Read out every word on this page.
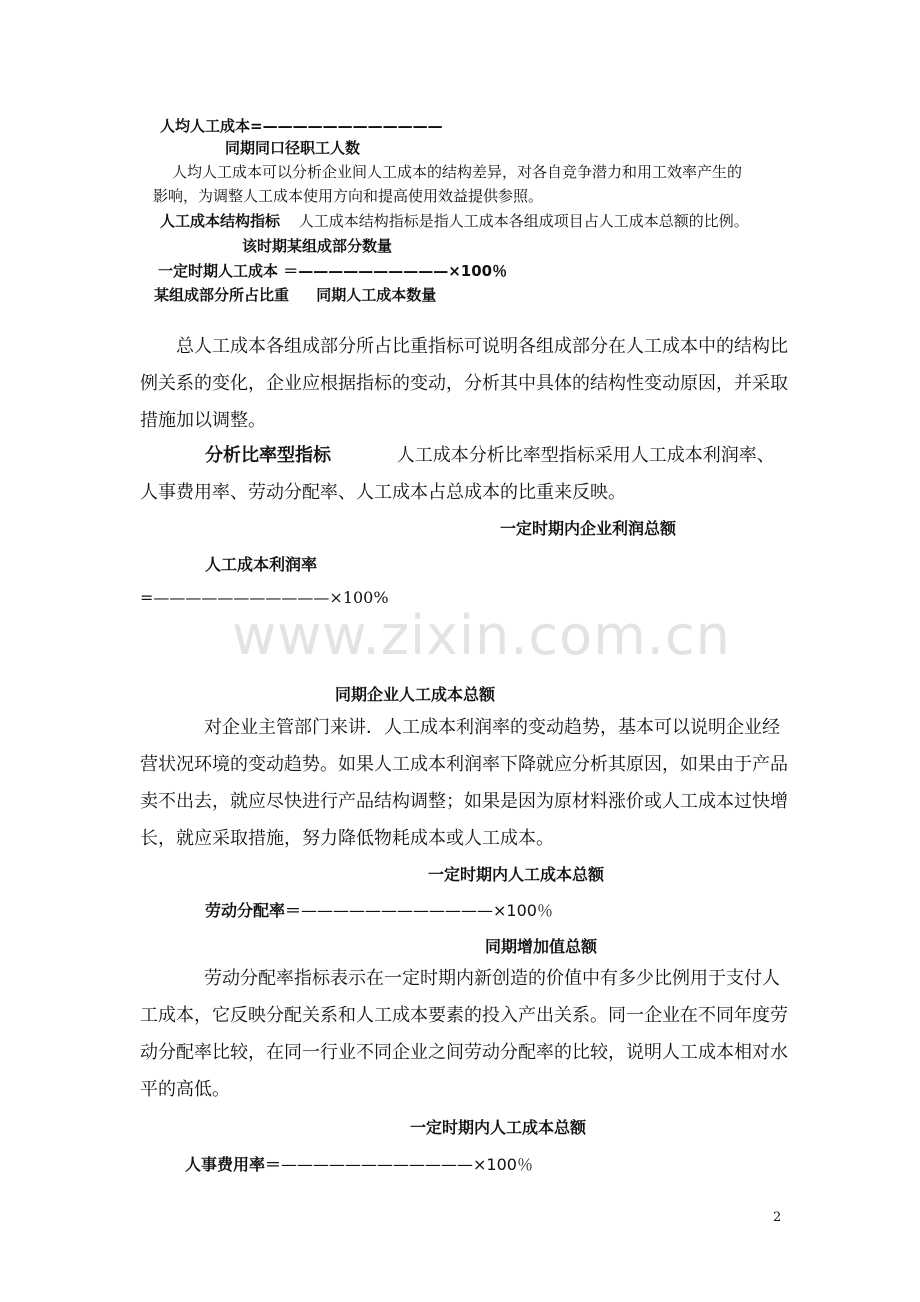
人均人工成本=————————————
同期同口径职工人数
人均人工成本可以分析企业间人工成本的结构差异，对各自竞争潜力和用工效率产生的
影响，为调整人工成本使用方向和提高使用效益提供参照。
人工成本结构指标 人工成本结构指标是指人工成本各组成项目占人工成本总额的比例。
该时期某组成部分数量
一定时期人工成本 ＝——————————×100％
某组成部分所占比重 同期人工成本数量

总人工成本各组成部分所占比重指标可说明各组成部分在人工成本中的结构比例关系的变化，企业应根据指标的变动，分析其中具体的结构性变动原因，并采取措施加以调整。

分析比率型指标	人工成本分析比率型指标采用人工成本利润率、
人事费用率、劳动分配率、人工成本占总成本的比重来反映。
一定时期内企业利润总额
人工成本利润率
=———————————×100%
www.zixin.com.cn
同期企业人工成本总额

对企业主管部门来讲．人工成本利润率的变动趋势，基本可以说明企业经营状况环境的变动趋势。如果人工成本利润率下降就应分析其原因，如果由于产品卖不出去，就应尽快进行产品结构调整；如果是因为原材料涨价或人工成本过快增长，就应采取措施，努力降低物耗成本或人工成本。

一定时期内人工成本总额
劳动分配率＝————————————×100％
同期增加值总额

劳动分配率指标表示在一定时期内新创造的价值中有多少比例用于支付人工成本，它反映分配关系和人工成本要素的投入产出关系。同一企业在不同年度劳动分配率比较，在同一行业不同企业之间劳动分配率的比较，说明人工成本相对水平的高低。

一定时期内人工成本总额
人事费用率＝————————————×100％
2
